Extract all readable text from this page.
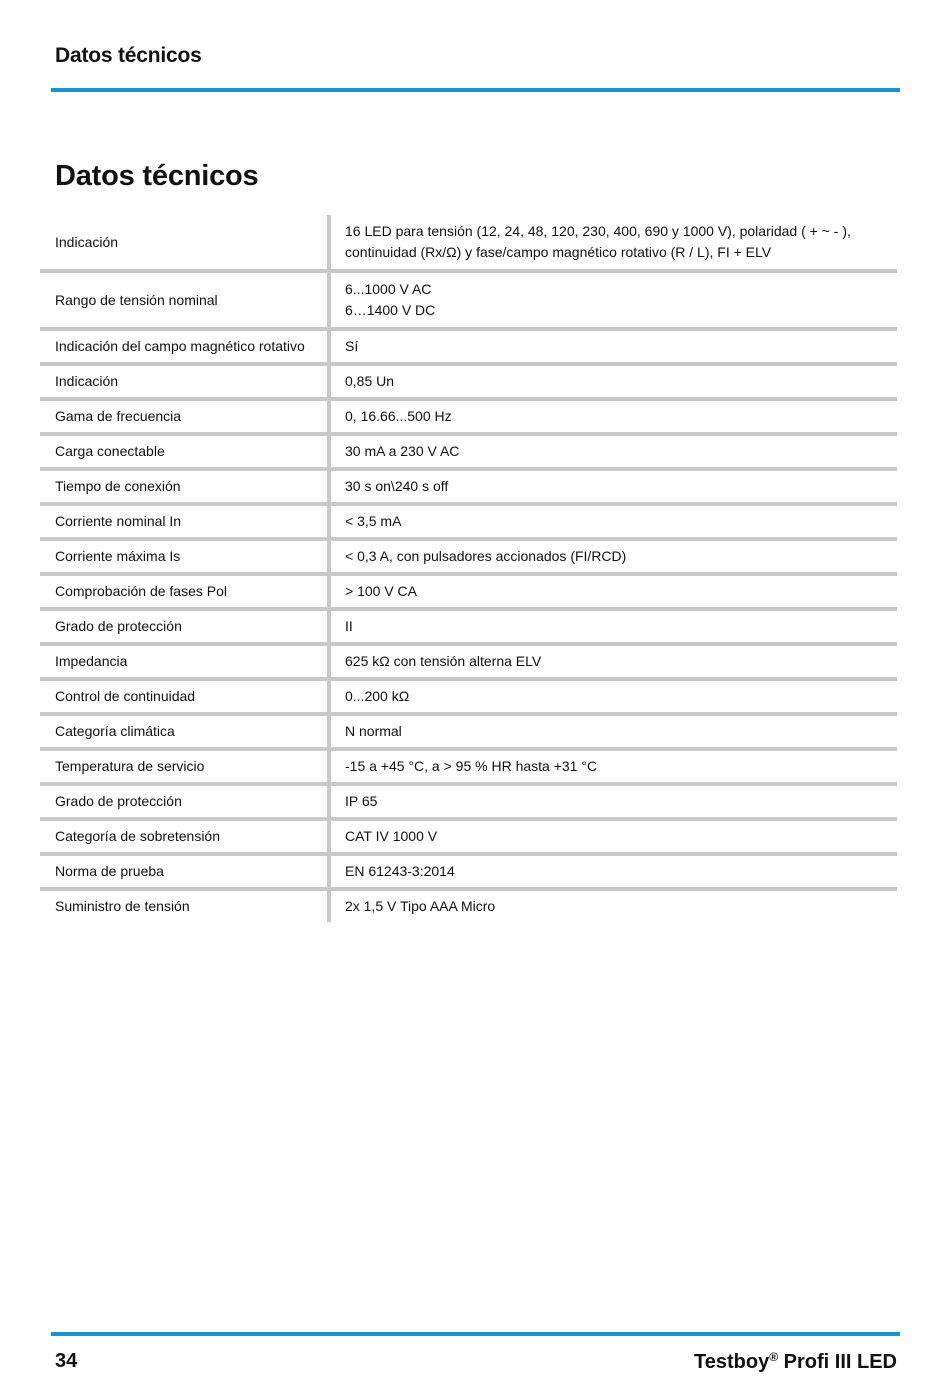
Datos técnicos
Datos técnicos
Indicación	16 LED para tensión (12, 24, 48, 120, 230, 400, 690 y 1000 V), polaridad ( + ~ - ),
continuidad (Rx/Ω) y fase/campo magnético rotativo (R / L), FI + ELV

Rango de tensión nominal	6...1000 V AC
6…1400 V DC

Indicación del campo magnético rotativo	Sí

Indicación	0,85 Un

Gama de frecuencia	0, 16.66...500 Hz

Carga conectable	30 mA a 230 V AC

Tiempo de conexión	30 s on\240 s off

Corriente nominal In	< 3,5 mA

Corriente máxima Is	< 0,3 A, con pulsadores accionados (FI/RCD)

Comprobación de fases Pol	> 100 V CA

Grado de protección	II

Impedancia	625 kΩ con tensión alterna ELV

Control de continuidad	0...200 kΩ

Categoría climática	N normal

Temperatura de servicio	-15 a +45 °C, a > 95 % HR hasta +31 °C

Grado de protección	IP 65

Categoría de sobretensión	CAT IV 1000 V

Norma de prueba	EN 61243-3:2014

Suministro de tensión	2x 1,5 V Tipo AAA Micro
34	Testboy® Profi III LED
